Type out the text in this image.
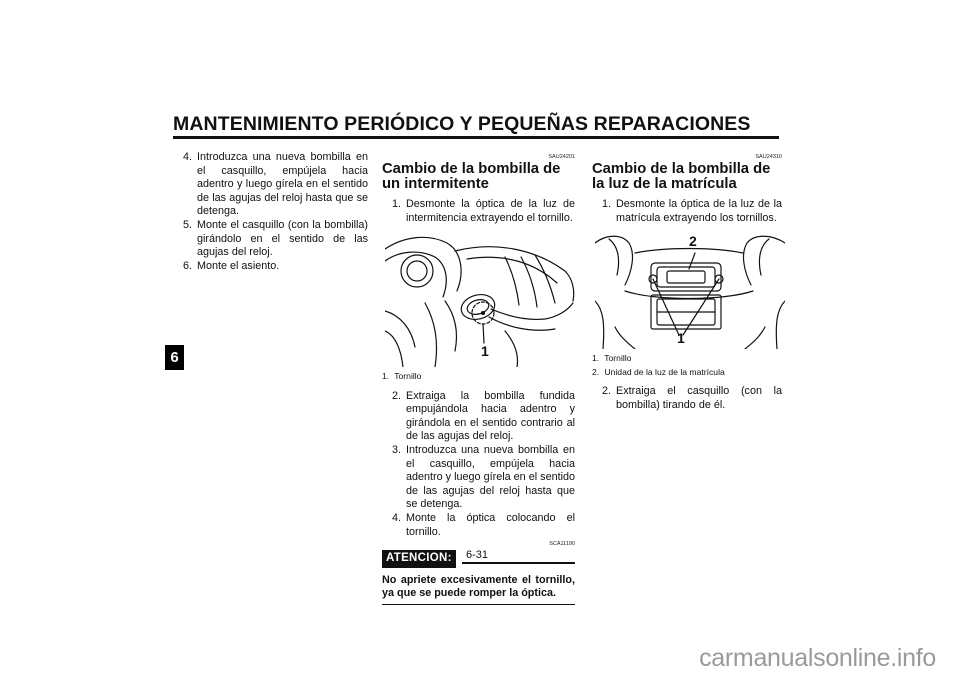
MANTENIMIENTO PERIÓDICO Y PEQUEÑAS REPARACIONES
6
4. Introduzca una nueva bombilla en el casquillo, empújela hacia adentro y luego gírela en el sentido de las agujas del reloj hasta que se detenga.
5. Monte el casquillo (con la bombilla) girándolo en el sentido de las agujas del reloj.
6. Monte el asiento.
SAU24201
Cambio de la bombilla de un intermitente
1. Desmonte la óptica de la luz de intermitencia extrayendo el tornillo.
1
1. Tornillo
2. Extraiga la bombilla fundida empujándola hacia adentro y girándola en el sentido contrario al de las agujas del reloj.
3. Introduzca una nueva bombilla en el casquillo, empújela hacia adentro y luego gírela en el sentido de las agujas del reloj hasta que se detenga.
4. Monte la óptica colocando el tornillo.
SCA11190
ATENCION:
No apriete excesivamente el tornillo, ya que se puede romper la óptica.
SAU24310
Cambio de la bombilla de la luz de la matrícula
1. Desmonte la óptica de la luz de la matrícula extrayendo los tornillos.
2
1
1. Tornillo
2. Unidad de la luz de la matrícula
2. Extraiga el casquillo (con la bombilla) tirando de él.
6-31
carmanualsonline.info
